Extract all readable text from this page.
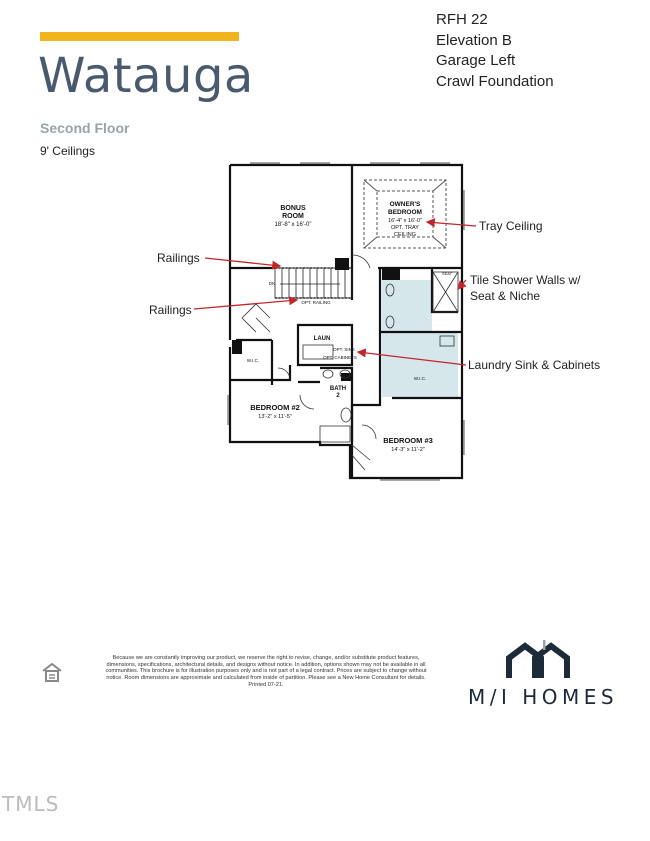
Watauga
Second Floor
9' Ceilings
RFH 22
Elevation B
Garage Left
Crawl Foundation
BONUS
ROOM
18'-8" x 16'-0"
OWNER'S
BEDROOM
16'-4" x 16'-0"
OPT. TRAY
CEILING
BEDROOM #2
13'-2" x 11'-5"
BEDROOM #3
14'-3" x 11'-2"
LAUN
OPT. SINK
OPT. CABINETS
BATH
2
W.I.C.
W.I.C.
SEAT
DN
OPT. RAILING
Tray Ceiling
Railings
Railings
Tile Shower Walls w/
Seat & Niche
Laundry Sink & Cabinets
Because we are constantly improving our product, we reserve the right to revise, change, and/or substitute product features, dimensions, specifications, architectural details, and designs without notice. In addition, options shown may not be available in all communities. This brochure is for illustration purposes only and is not part of a legal contract. Prices are subject to change without notice. Room dimensions are approximate and calculated from inside of partition. Please see a New Home Consultant for details. Printed 07-21.
M/I HOMES
TMLS
